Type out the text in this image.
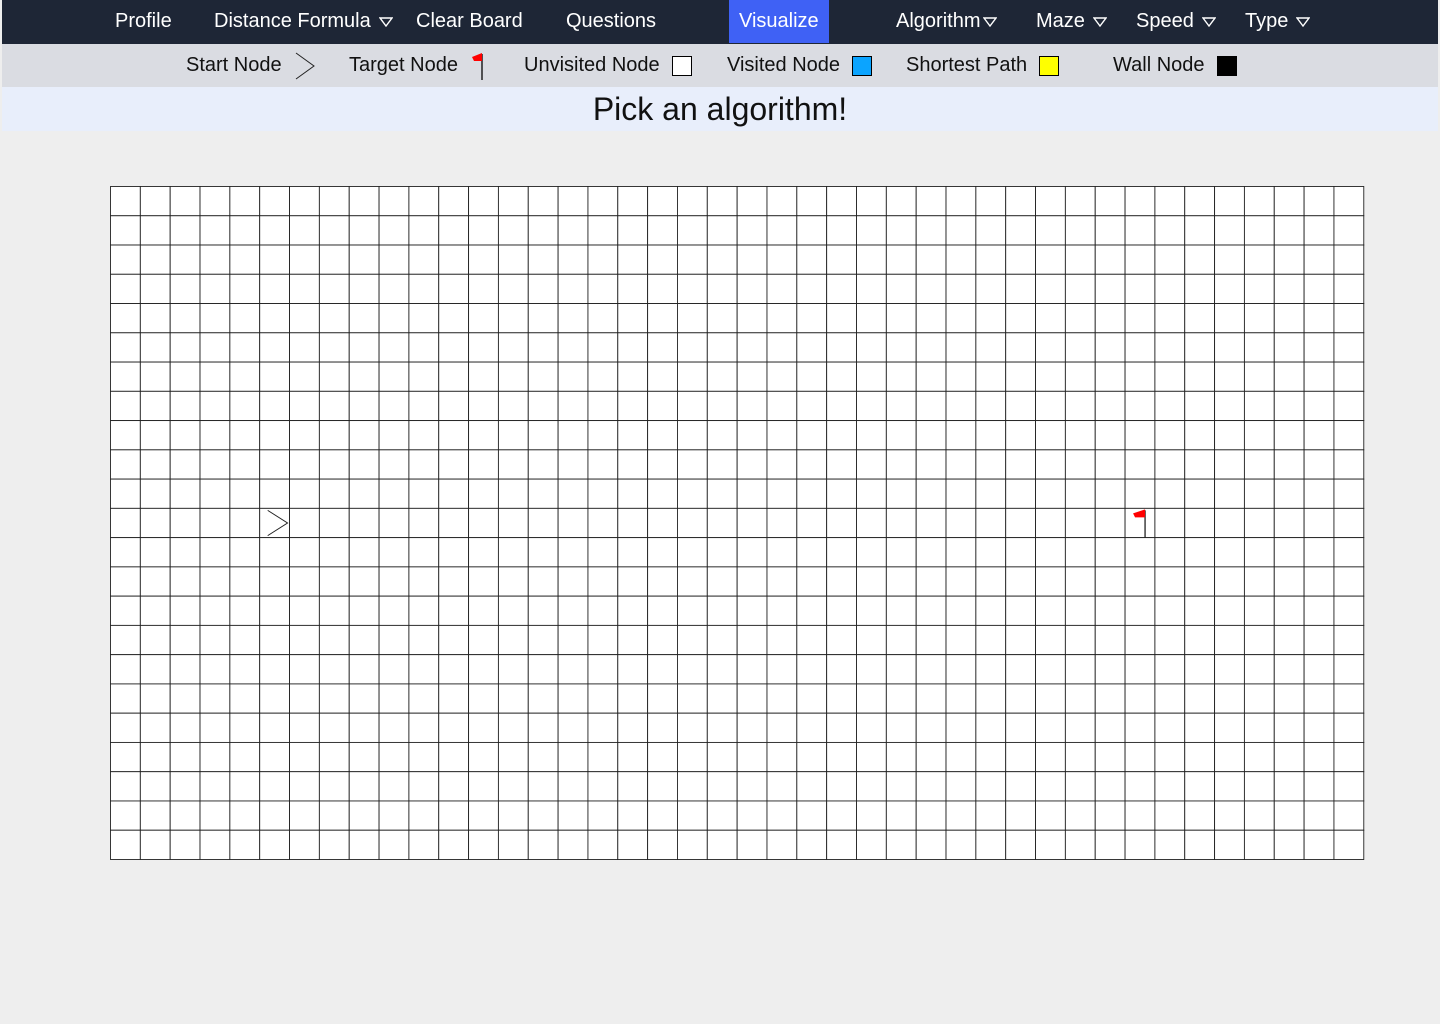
Profile Distance Formula Clear Board Questions	Visualize	Algorithm	Maze	Speed	Type
Start Node	Target Node	Unvisited Node	Visited Node	Shortest Path	Wall Node
Pick an algorithm!
